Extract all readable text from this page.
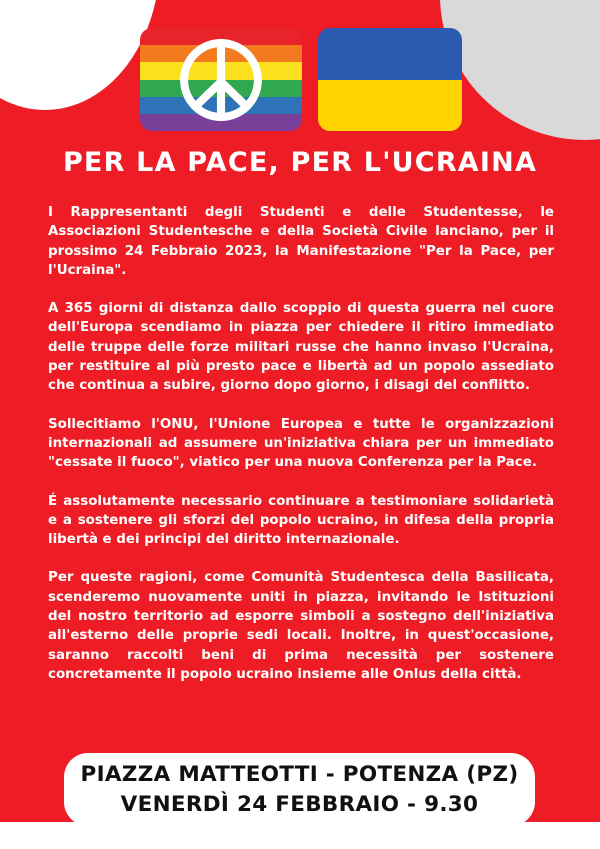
PER LA PACE, PER L'UCRAINA

I Rappresentanti degli Studenti e delle Studentesse, le Associazioni Studentesche e della Società Civile lanciano, per il prossimo 24 Febbraio 2023, la Manifestazione "Per la Pace, per l'Ucraina".

A 365 giorni di distanza dallo scoppio di questa guerra nel cuore dell'Europa scendiamo in piazza per chiedere il ritiro immediato delle truppe delle forze militari russe che hanno invaso l'Ucraina, per restituire al più presto pace e libertà ad un popolo assediato che continua a subire, giorno dopo giorno, i disagi del conflitto.

Sollecitiamo l'ONU, l'Unione Europea e tutte le organizzazioni internazionali ad assumere un'iniziativa chiara per un immediato "cessate il fuoco", viatico per una nuova Conferenza per la Pace.

É assolutamente necessario continuare a testimoniare solidarietà e a sostenere gli sforzi del popolo ucraino, in difesa della propria libertà e dei principi del diritto internazionale.

Per queste ragioni, come Comunità Studentesca della Basilicata, scenderemo nuovamente uniti in piazza, invitando le Istituzioni del nostro territorio ad esporre simboli a sostegno dell'iniziativa all'esterno delle proprie sedi locali. Inoltre, in quest'occasione, saranno raccolti beni di prima necessità per sostenere concretamente il popolo ucraino insieme alle Onlus della città.

PIAZZA MATTEOTTI - POTENZA (PZ)
VENERDÌ 24 FEBBRAIO - 9.30
